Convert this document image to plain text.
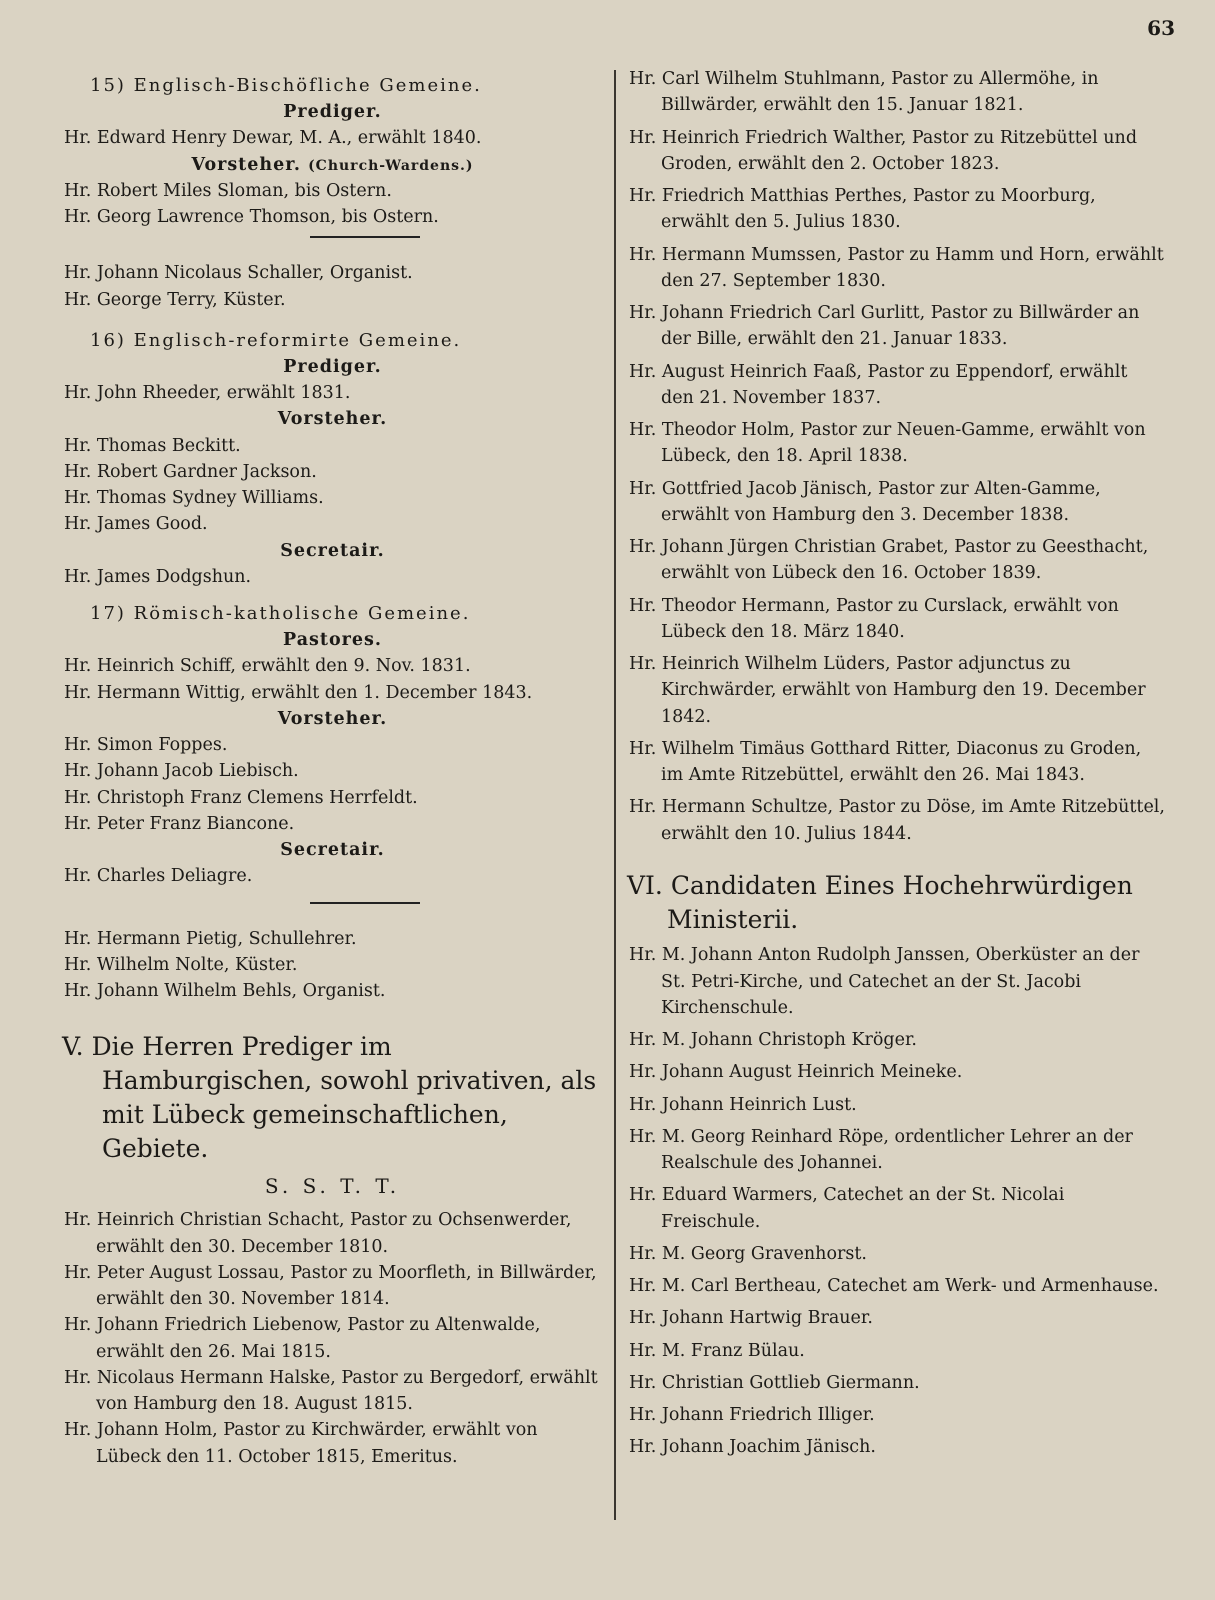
63
15) Englisch-Bischöfliche Gemeine.
Prediger.
Hr. Edward Henry Dewar, M. A., erwählt 1840.
Vorsteher. (Church-Wardens.)
Hr. Robert Miles Sloman, bis Ostern.
Hr. Georg Lawrence Thomson, bis Ostern.
Hr. Johann Nicolaus Schaller, Organist.
Hr. George Terry, Küster.
16) Englisch-reformirte Gemeine.
Prediger.
Hr. John Rheeder, erwählt 1831.
Vorsteher.
Hr. Thomas Beckitt.
Hr. Robert Gardner Jackson.
Hr. Thomas Sydney Williams.
Hr. James Good.
Secretair.
Hr. James Dodgshun.
17) Römisch-katholische Gemeine.
Pastores.
Hr. Heinrich Schiff, erwählt den 9. Nov. 1831.
Hr. Hermann Wittig, erwählt den 1. December 1843.
Vorsteher.
Hr. Simon Foppes.
Hr. Johann Jacob Liebisch.
Hr. Christoph Franz Clemens Herrfeldt.
Hr. Peter Franz Biancone.
Secretair.
Hr. Charles Deliagre.
Hr. Hermann Pietig, Schullehrer.
Hr. Wilhelm Nolte, Küster.
Hr. Johann Wilhelm Behls, Organist.
V. Die Herren Prediger im Hamburgischen, sowohl privativen, als mit Lübeck gemeinschaftlichen, Gebiete.
S. S. T. T.
Hr. Heinrich Christian Schacht, Pastor zu Ochsenwerder, erwählt den 30. December 1810.
Hr. Peter August Lossau, Pastor zu Moorfleth, in Billwärder, erwählt den 30. November 1814.
Hr. Johann Friedrich Liebenow, Pastor zu Altenwalde, erwählt den 26. Mai 1815.
Hr. Nicolaus Hermann Halske, Pastor zu Bergedorf, erwählt von Hamburg den 18. August 1815.
Hr. Johann Holm, Pastor zu Kirchwärder, erwählt von Lübeck den 11. October 1815, Emeritus.
Hr. Carl Wilhelm Stuhlmann, Pastor zu Allermöhe, in Billwärder, erwählt den 15. Januar 1821.
Hr. Heinrich Friedrich Walther, Pastor zu Ritzebüttel und Groden, erwählt den 2. October 1823.
Hr. Friedrich Matthias Perthes, Pastor zu Moorburg, erwählt den 5. Julius 1830.
Hr. Hermann Mumssen, Pastor zu Hamm und Horn, erwählt den 27. September 1830.
Hr. Johann Friedrich Carl Gurlitt, Pastor zu Billwärder an der Bille, erwählt den 21. Januar 1833.
Hr. August Heinrich Faaß, Pastor zu Eppendorf, erwählt den 21. November 1837.
Hr. Theodor Holm, Pastor zur Neuen-Gamme, erwählt von Lübeck, den 18. April 1838.
Hr. Gottfried Jacob Jänisch, Pastor zur Alten-Gamme, erwählt von Hamburg den 3. December 1838.
Hr. Johann Jürgen Christian Grabet, Pastor zu Geesthacht, erwählt von Lübeck den 16. October 1839.
Hr. Theodor Hermann, Pastor zu Curslack, erwählt von Lübeck den 18. März 1840.
Hr. Heinrich Wilhelm Lüders, Pastor adjunctus zu Kirchwärder, erwählt von Hamburg den 19. December 1842.
Hr. Wilhelm Timäus Gotthard Ritter, Diaconus zu Groden, im Amte Ritzebüttel, erwählt den 26. Mai 1843.
Hr. Hermann Schultze, Pastor zu Döse, im Amte Ritzebüttel, erwählt den 10. Julius 1844.
VI. Candidaten Eines Hochehrwürdigen Ministerii.
Hr. M. Johann Anton Rudolph Janssen, Oberküster an der St. Petri-Kirche, und Catechet an der St. Jacobi Kirchenschule.
Hr. M. Johann Christoph Kröger.
Hr. Johann August Heinrich Meineke.
Hr. Johann Heinrich Lust.
Hr. M. Georg Reinhard Röpe, ordentlicher Lehrer an der Realschule des Johannei.
Hr. Eduard Warmers, Catechet an der St. Nicolai Freischule.
Hr. M. Georg Gravenhorst.
Hr. M. Carl Bertheau, Catechet am Werk- und Armenhause.
Hr. Johann Hartwig Brauer.
Hr. M. Franz Bülau.
Hr. Christian Gottlieb Giermann.
Hr. Johann Friedrich Illiger.
Hr. Johann Joachim Jänisch.
